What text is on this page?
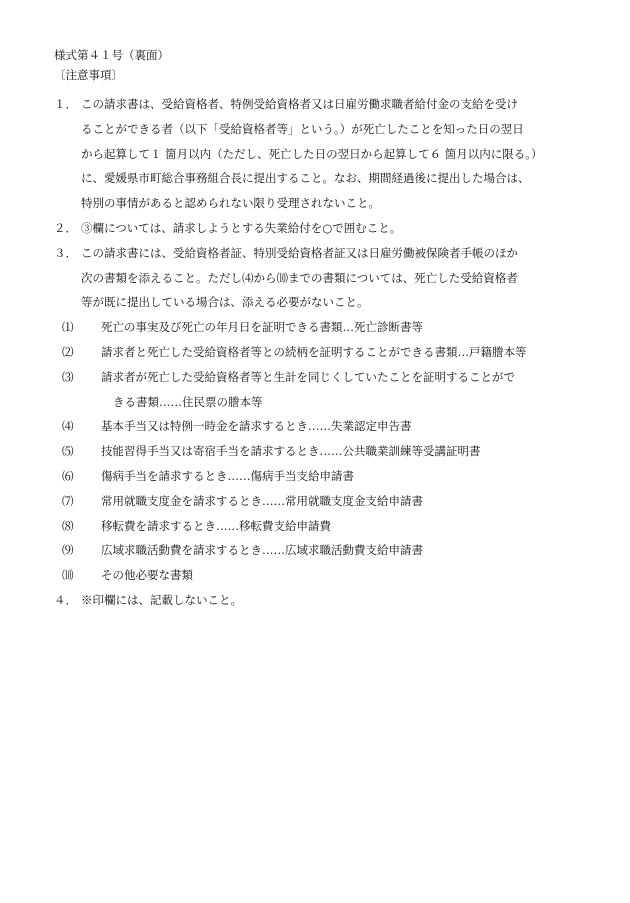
様式第４１号（裏面）
〔注意事項〕
１． この請求書は、受給資格者、特例受給資格者又は日雇労働求職者給付金の支給を受け
ることができる者（以下「受給資格者等」という。）が死亡したことを知った日の翌日
から起算して１ 箇月以内（ただし、死亡した日の翌日から起算して６ 箇月以内に限る。）
に、愛媛県市町総合事務組合長に提出すること。なお、期間経過後に提出した場合は、
特別の事情があると認められない限り受理されないこと。
２． ③欄については、請求しようとする失業給付を○で囲むこと。
３． この請求書には、受給資格者証、特別受給資格者証又は日雇労働被保険者手帳のほか
次の書類を添えること。ただし⑷から⑽までの書類については、死亡した受給資格者
等が既に提出している場合は、添える必要がないこと。
⑴ 死亡の事実及び死亡の年月日を証明できる書類…死亡診断書等
⑵ 請求者と死亡した受給資格者等との続柄を証明することができる書類…戸籍謄本等
⑶ 請求者が死亡した受給資格者等と生計を同じくしていたことを証明することがで
きる書類……住民票の謄本等
⑷ 基本手当又は特例一時金を請求するとき……失業認定申告書
⑸ 技能習得手当又は寄宿手当を請求するとき……公共職業訓練等受講証明書
⑹ 傷病手当を請求するとき……傷病手当支給申請書
⑺ 常用就職支度金を請求するとき……常用就職支度金支給申請書
⑻ 移転費を請求するとき……移転費支給申請費
⑼ 広域求職活動費を請求するとき……広域求職活動費支給申請書
⑽ その他必要な書類
４． ※印欄には、記載しないこと。
